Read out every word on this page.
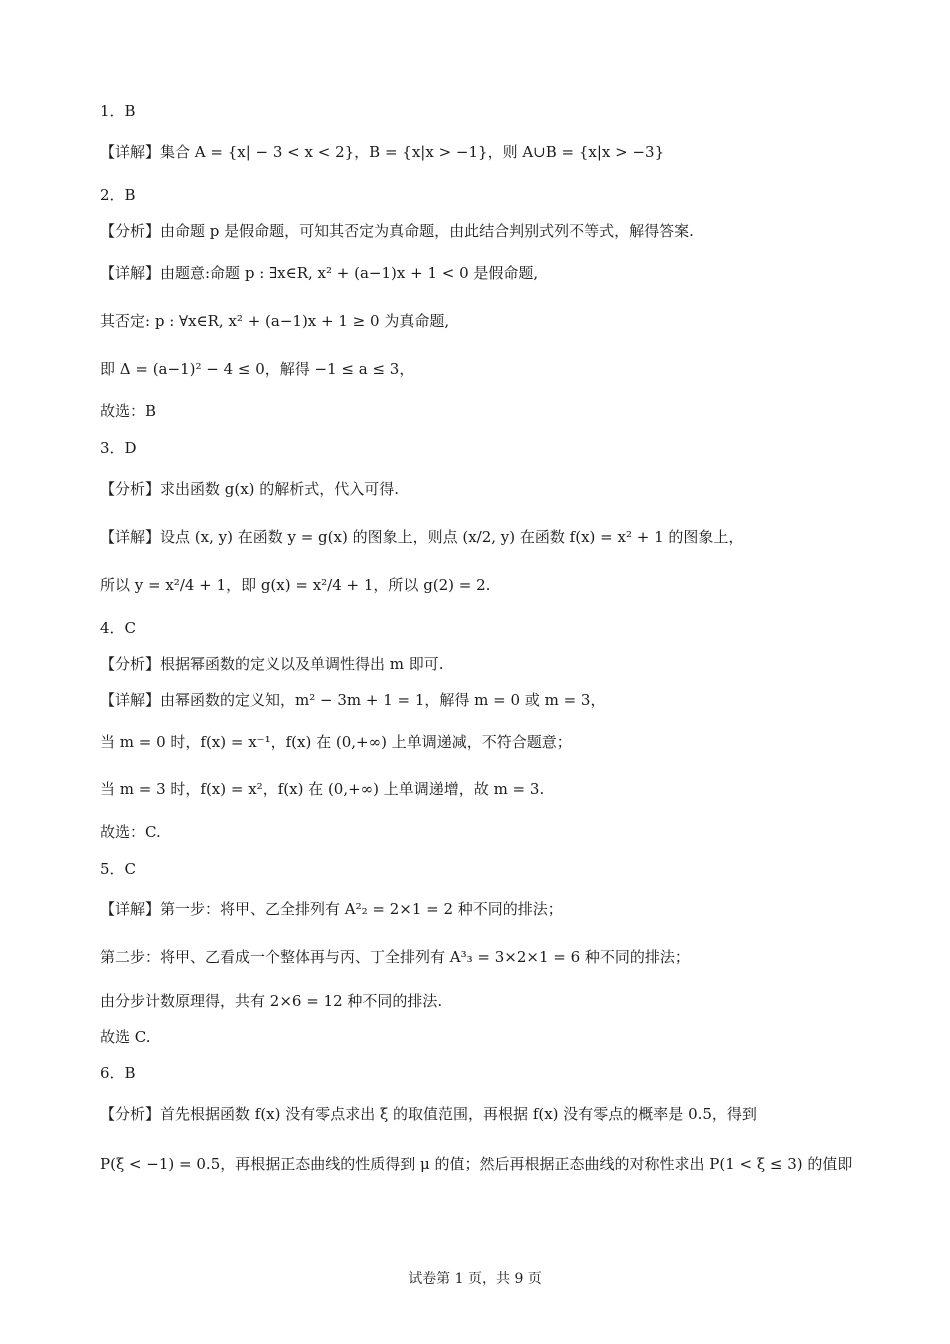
1．B
【详解】集合 A = {x| − 3 < x < 2}，B = {x|x > −1}，则 A∪B = {x|x > −3}
2．B
【分析】由命题 p 是假命题，可知其否定为真命题，由此结合判别式列不等式，解得答案.
【详解】由题意:命题 p : ∃x∈R, x² + (a−1)x + 1 < 0 是假命题,
其否定: p : ∀x∈R, x² + (a−1)x + 1 ≥ 0 为真命题,
即 Δ = (a−1)² − 4 ≤ 0，解得 −1 ≤ a ≤ 3，
故选：B
3．D
【分析】求出函数 g(x) 的解析式，代入可得.
【详解】设点 (x, y) 在函数 y = g(x) 的图象上，则点 (x/2, y) 在函数 f(x) = x² + 1 的图象上，
所以 y = x²/4 + 1，即 g(x) = x²/4 + 1，所以 g(2) = 2.
4．C
【分析】根据幂函数的定义以及单调性得出 m 即可.
【详解】由幂函数的定义知，m² − 3m + 1 = 1，解得 m = 0 或 m = 3，
当 m = 0 时，f(x) = x⁻¹，f(x) 在 (0,+∞) 上单调递减，不符合题意；
当 m = 3 时，f(x) = x²，f(x) 在 (0,+∞) 上单调递增，故 m = 3.
故选：C.
5．C
【详解】第一步：将甲、乙全排列有 A²₂ = 2×1 = 2 种不同的排法；
第二步：将甲、乙看成一个整体再与丙、丁全排列有 A³₃ = 3×2×1 = 6 种不同的排法；
由分步计数原理得，共有 2×6 = 12 种不同的排法.
故选 C.
6．B
【分析】首先根据函数 f(x) 没有零点求出 ξ 的取值范围，再根据 f(x) 没有零点的概率是 0.5，得到
P(ξ < −1) = 0.5，再根据正态曲线的性质得到 μ 的值；然后再根据正态曲线的对称性求出 P(1 < ξ ≤ 3) 的值即
试卷第 1 页，共 9 页
